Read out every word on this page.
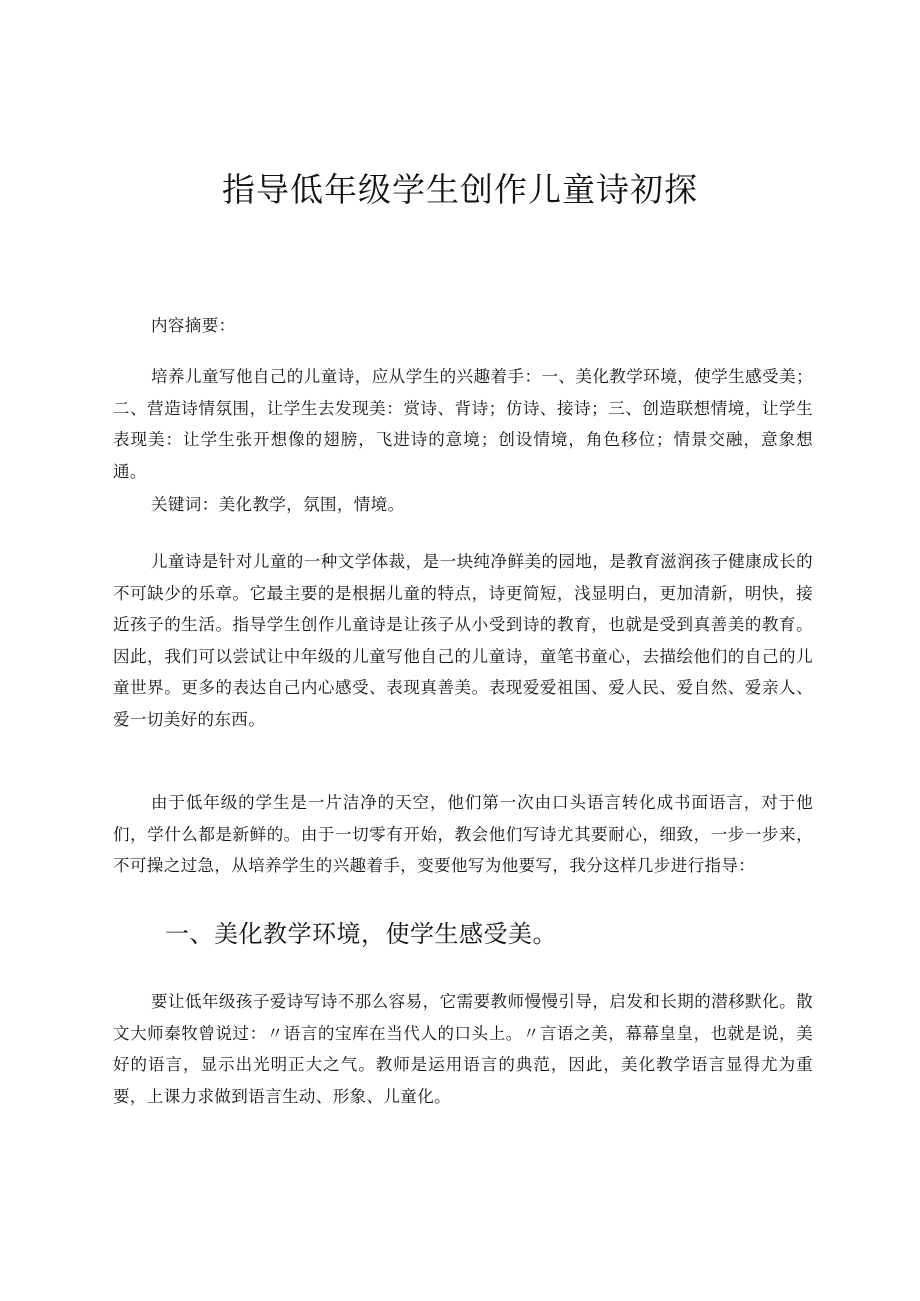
指导低年级学生创作儿童诗初探

内容摘要：

培养儿童写他自己的儿童诗，应从学生的兴趣着手：一、美化教学环境，使学生感受美；二、营造诗情氛围，让学生去发现美：赏诗、背诗；仿诗、接诗；三、创造联想情境，让学生表现美：让学生张开想像的翅膀，飞进诗的意境；创设情境，角色移位；情景交融，意象想通。

关键词：美化教学，氛围，情境。

儿童诗是针对儿童的一种文学体裁，是一块纯净鲜美的园地，是教育滋润孩子健康成长的不可缺少的乐章。它最主要的是根据儿童的特点，诗更简短，浅显明白，更加清新，明快，接近孩子的生活。指导学生创作儿童诗是让孩子从小受到诗的教育，也就是受到真善美的教育。因此，我们可以尝试让中年级的儿童写他自己的儿童诗，童笔书童心，去描绘他们的自己的儿童世界。更多的表达自己内心感受、表现真善美。表现爱爱祖国、爱人民、爱自然、爱亲人、爱一切美好的东西。

由于低年级的学生是一片洁净的天空，他们第一次由口头语言转化成书面语言，对于他们，学什么都是新鲜的。由于一切零有开始，教会他们写诗尤其要耐心，细致，一步一步来，不可操之过急，从培养学生的兴趣着手，变要他写为他要写，我分这样几步进行指导：

一、美化教学环境，使学生感受美。

要让低年级孩子爱诗写诗不那么容易，它需要教师慢慢引导，启发和长期的潜移默化。散文大师秦牧曾说过：〃语言的宝库在当代人的口头上。〃言语之美，幕幕皇皇，也就是说，美好的语言，显示出光明正大之气。教师是运用语言的典范，因此，美化教学语言显得尤为重要，上课力求做到语言生动、形象、儿童化。
